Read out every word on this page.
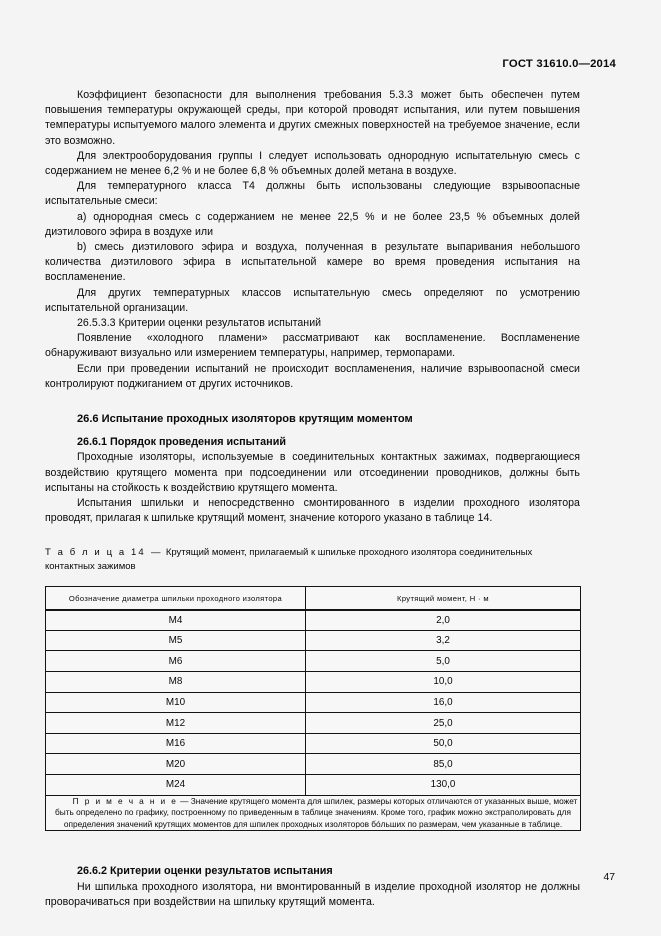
ГОСТ 31610.0—2014

Коэффициент безопасности для выполнения требования 5.3.3 может быть обеспечен путем повышения температуры окружающей среды, при которой проводят испытания, или путем повышения температуры испытуемого малого элемента и других смежных поверхностей на требуемое значение, если это возможно.

Для электрооборудования группы I следует использовать однородную испытательную смесь с содержанием не менее 6,2 % и не более 6,8 % объемных долей метана в воздухе.

Для температурного класса Т4 должны быть использованы следующие взрывоопасные испытательные смеси:

a) однородная смесь с содержанием не менее 22,5 % и не более 23,5 % объемных долей диэтилового эфира в воздухе или

b) смесь диэтилового эфира и воздуха, полученная в результате выпаривания небольшого количества диэтилового эфира в испытательной камере во время проведения испытания на воспламенение.

Для других температурных классов испытательную смесь определяют по усмотрению испытательной организации.

26.5.3.3 Критерии оценки результатов испытаний

Появление «холодного пламени» рассматривают как воспламенение. Воспламенение обнаруживают визуально или измерением температуры, например, термопарами.

Если при проведении испытаний не происходит воспламенения, наличие взрывоопасной смеси контролируют поджиганием от других источников.

26.6 Испытание проходных изоляторов крутящим моментом
26.6.1 Порядок проведения испытаний

Проходные изоляторы, используемые в соединительных контактных зажимах, подвергающиеся воздействию крутящего момента при подсоединении или отсоединении проводников, должны быть испытаны на стойкость к воздействию крутящего момента.

Испытания шпильки и непосредственно смонтированного в изделии проходного изолятора проводят, прилагая к шпильке крутящий момент, значение которого указано в таблице 14.

Т а б л и ц а 14 — Крутящий момент, прилагаемый к шпильке проходного изолятора соединительных контактных зажимов

Обозначение диаметра шпильки проходного изолятора	Крутящий момент, Н · м
М4	2,0
М5	3,2
М6	5,0
М8	10,0
М10	16,0
М12	25,0
М16	50,0
М20	85,0
М24	130,0

П р и м е ч а н и е — Значение крутящего момента для шпилек, размеры которых отличаются от указанных выше, может быть определено по графику, построенному по приведенным в таблице значениям. Кроме того, график можно экстраполировать для определения значений крутящих моментов для шпилек проходных изоляторов бóльших по размерам, чем указанные в таблице.	

26.6.2 Критерии оценки результатов испытания

Ни шпилька проходного изолятора, ни вмонтированный в изделие проходной изолятор не должны проворачиваться при воздействии на шпильку крутящий момента.

47
